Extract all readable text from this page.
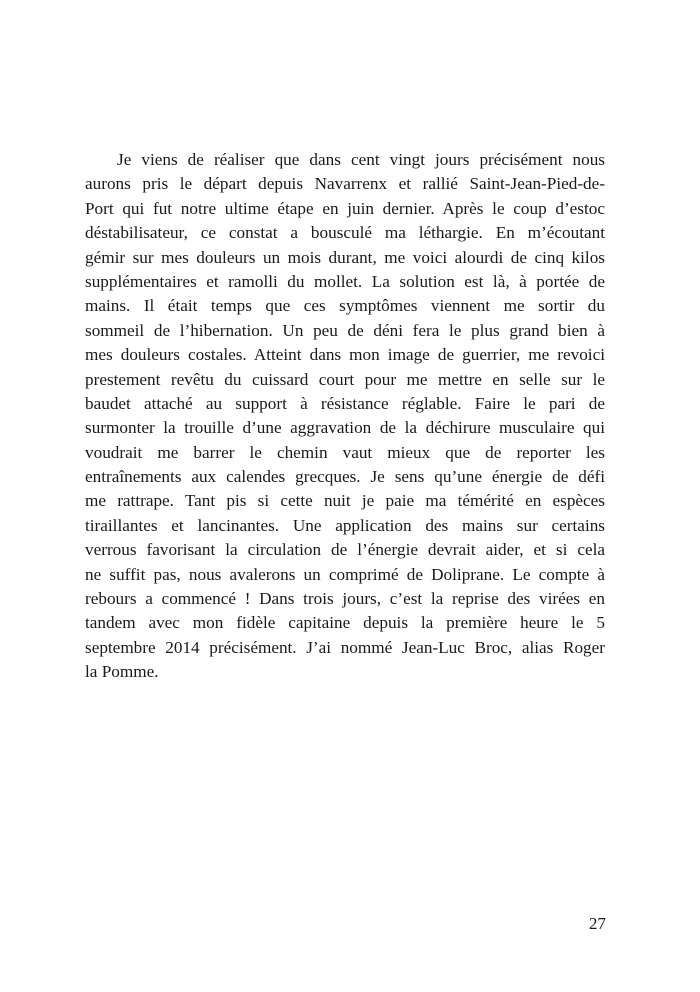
Je viens de réaliser que dans cent vingt jours précisément nous
aurons pris le départ depuis Navarrenx et rallié Saint-Jean-Pied-de-
Port qui fut notre ultime étape en juin dernier. Après le coup d’estoc
déstabilisateur, ce constat a bousculé ma léthargie. En m’écoutant
gémir sur mes douleurs un mois durant, me voici alourdi de cinq kilos
supplémentaires et ramolli du mollet. La solution est là, à portée de
mains. Il était temps que ces symptômes viennent me sortir du
sommeil de l’hibernation. Un peu de déni fera le plus grand bien à
mes douleurs costales. Atteint dans mon image de guerrier, me revoici
prestement revêtu du cuissard court pour me mettre en selle sur le
baudet attaché au support à résistance réglable. Faire le pari de
surmonter la trouille d’une aggravation de la déchirure musculaire qui
voudrait me barrer le chemin vaut mieux que de reporter les
entraînements aux calendes grecques. Je sens qu’une énergie de défi
me rattrape. Tant pis si cette nuit je paie ma témérité en espèces
tiraillantes et lancinantes. Une application des mains sur certains
verrous favorisant la circulation de l’énergie devrait aider, et si cela
ne suffit pas, nous avalerons un comprimé de Doliprane. Le compte à
rebours a commencé ! Dans trois jours, c’est la reprise des virées en
tandem avec mon fidèle capitaine depuis la première heure le 5
septembre 2014 précisément. J’ai nommé Jean-Luc Broc, alias Roger
la Pomme.
27
